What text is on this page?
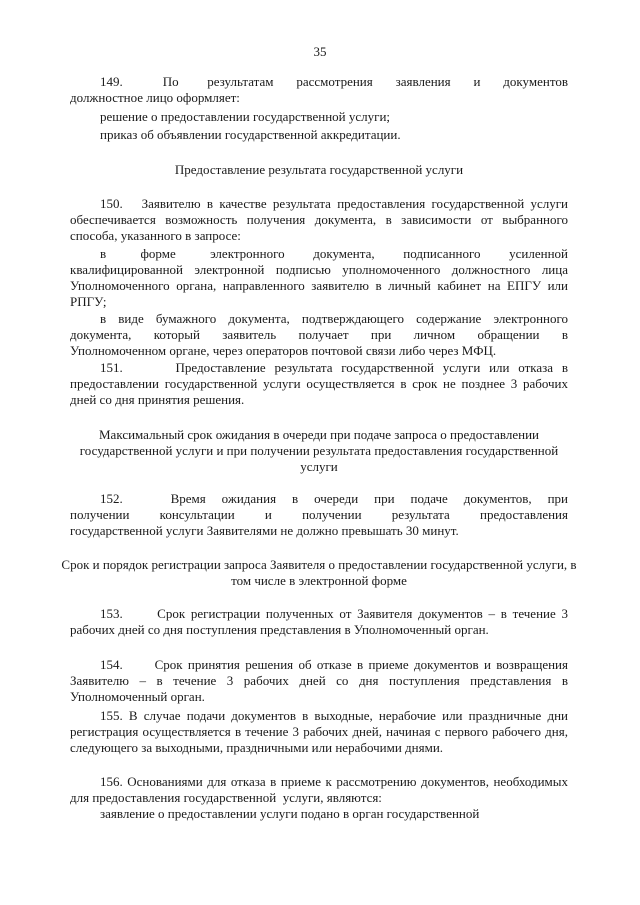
35

149.       По     результатам    рассмотрения    заявления    и    документов должностное лицо оформляет:

решение о предоставлении государственной услуги;

приказ об объявлении государственной аккредитации.

Предоставление результата государственной услуги

150.   Заявителю в качестве результата предоставления государственной услуги обеспечивается возможность получения документа, в зависимости от выбранного способа, указанного в запросе:

в      форме      электронного     документа,     подписанного     усиленной квалифицированной электронной подписью уполномоченного должностного лица Уполномоченного органа, направленного заявителю в личный кабинет на ЕПГУ или РПГУ;

в виде бумажного документа, подтверждающего содержание электронного документа,   который   заявитель   получает   при   личном   обращении   в Уполномоченном органе, через операторов почтовой связи либо через МФЦ.

151.      Предоставление результата государственной услуги или отказа в предоставлении государственной услуги осуществляется в срок не позднее 3 рабочих дней со дня принятия решения.

Максимальный срок ожидания в очереди при подаче запроса о предоставлении государственной услуги и при получении результата предоставления государственной услуги

152.      Время  ожидания  в  очереди  при  подаче  документов,  при получении    консультации    и    получении    результата    предоставления государственной услуги Заявителями не должно превышать 30 минут.

Срок и порядок регистрации запроса Заявителя о предоставлении государственной услуги, в том числе в электронной форме

153.      Срок регистрации полученных от Заявителя документов – в течение 3 рабочих дней со дня поступления представления в Уполномоченный орган.

154.      Срок принятия решения об отказе в приеме документов и возвращения Заявителю – в течение 3 рабочих дней со дня поступления представления в Уполномоченный орган.

155. В случае подачи документов в выходные, нерабочие или праздничные дни регистрация осуществляется в течение 3 рабочих дней, начиная с первого рабочего дня, следующего за выходными, праздничными или нерабочими днями.

156. Основаниями для отказа в приеме к рассмотрению документов, необходимых для предоставления государственной  услуги, являются:

заявление о предоставлении услуги подано в орган государственной
